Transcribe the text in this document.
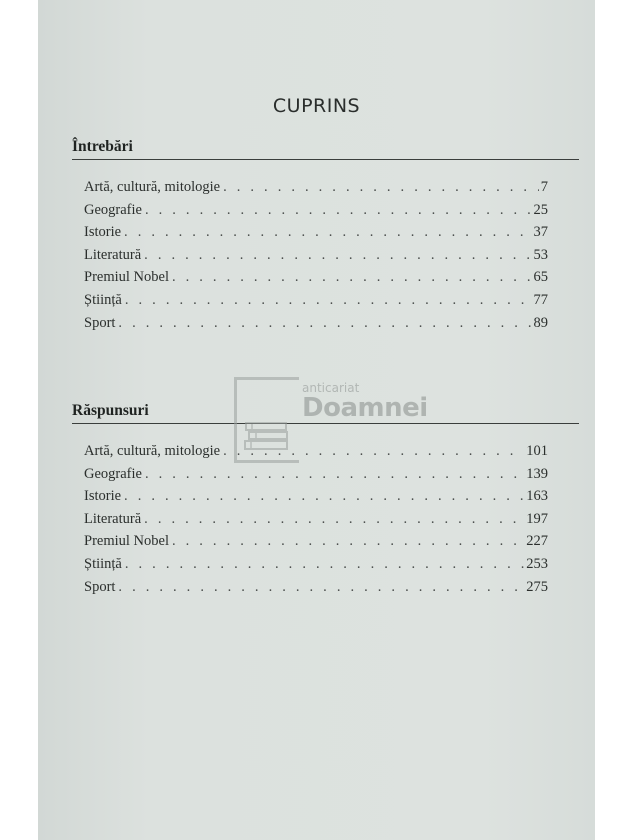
CUPRINS
Întrebări
Artă, cultură, mitologie . . .	7
Geografie . . .	25
Istorie . . .	37
Literatură . . .	53
Premiul Nobel . . .	65
Știință . . .	77
Sport . . .	89
Răspunsuri
Artă, cultură, mitologie . . .	101
Geografie . . .	139
Istorie . . .	163
Literatură . . .	197
Premiul Nobel . . .	227
Știință . . .	253
Sport . . .	275
anticariat
Doamnei
